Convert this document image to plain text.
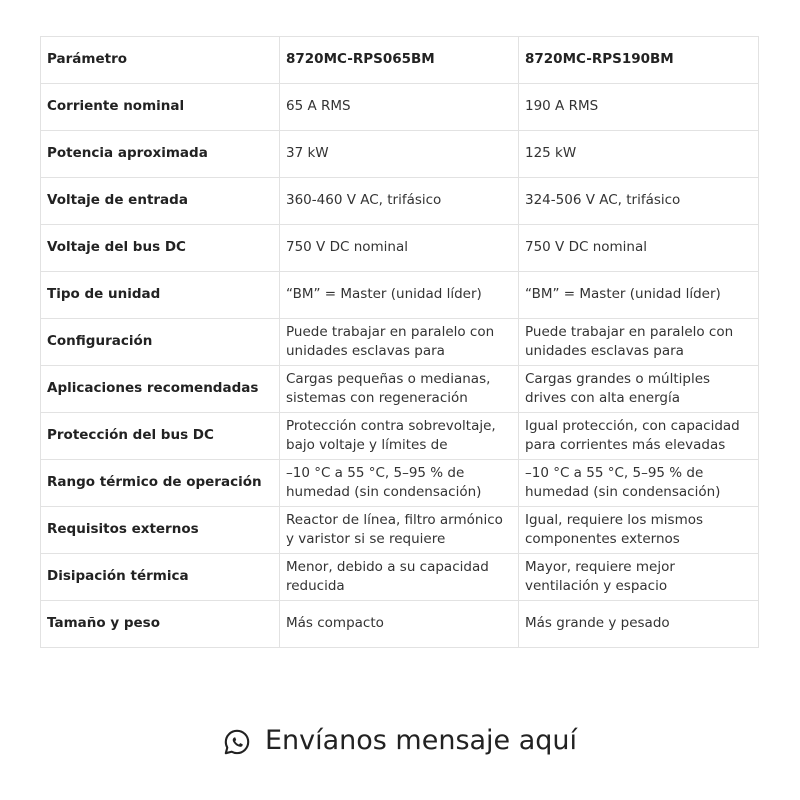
Parámetro	8720MC-RPS065BM	8720MC-RPS190BM
Corriente nominal	65 A RMS	190 A RMS

Potencia aproximada	37 kW	125 kW

Voltaje de entrada	360-460 V AC, trifásico	324-506 V AC, trifásico

Voltaje del bus DC	750 V DC nominal	750 V DC nominal

Tipo de unidad	“BM” = Master (unidad líder)	“BM” = Master (unidad líder)

Configuración	Puede trabajar en paralelo con unidades esclavas para	Puede trabajar en paralelo con unidades esclavas para

Aplicaciones recomendadas	Cargas pequeñas o medianas, sistemas con regeneración	Cargas grandes o múltiples drives con alta energía

Protección del bus DC	Protección contra sobrevoltaje, bajo voltaje y límites de	Igual protección, con capacidad para corrientes más elevadas

Rango térmico de operación	–10 °C a 55 °C, 5–95 % de humedad (sin condensación)	–10 °C a 55 °C, 5–95 % de humedad (sin condensación)

Requisitos externos	Reactor de línea, filtro armónico y varistor si se requiere	Igual, requiere los mismos componentes externos

Disipación térmica	Menor, debido a su capacidad reducida	Mayor, requiere mejor ventilación y espacio

Tamaño y peso	Más compacto	Más grande y pesado
Envíanos mensaje aquí
